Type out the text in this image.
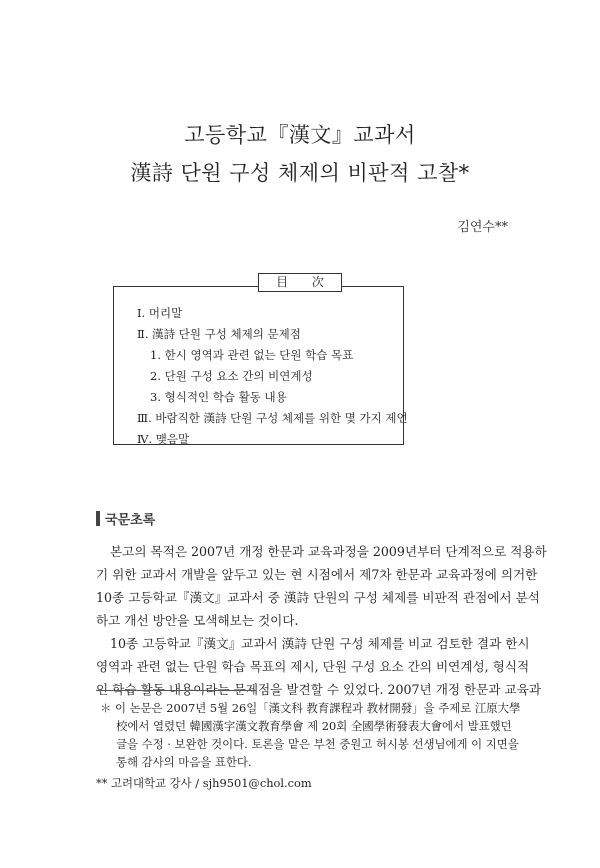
고등학교『漢文』교과서
漢詩 단원 구성 체제의 비판적 고찰*
김연수**
目 次
Ⅰ. 머리말
Ⅱ. 漢詩 단원 구성 체제의 문제점
1. 한시 영역과 관련 없는 단원 학습 목표
2. 단원 구성 요소 간의 비연계성
3. 형식적인 학습 활동 내용
Ⅲ. 바람직한 漢詩 단원 구성 체제를 위한 몇 가지 제언
Ⅳ. 맺음말
국문초록
본고의 목적은 2007년 개정 한문과 교육과정을 2009년부터 단계적으로 적용하
기 위한 교과서 개발을 앞두고 있는 현 시점에서 제7차 한문과 교육과정에 의거한
10종 고등학교『漢文』교과서 중 漢詩 단원의 구성 체제를 비판적 관점에서 분석
하고 개선 방안을 모색해보는 것이다.
10종 고등학교『漢文』교과서 漢詩 단원 구성 체제를 비교 검토한 결과 한시
영역과 관련 없는 단원 학습 목표의 제시, 단원 구성 요소 간의 비연계성, 형식적
인 학습 활동 내용이라는 문제점을 발견할 수 있었다. 2007년 개정 한문과 교육과
＊ 이 논문은 2007년 5월 26일「漢文科 教育課程과 教材開發」을 주제로 江原大學
校에서 열렸던 韓國漢字漢文教育學會 제 20회 全國學術發表大會에서 발표했던
글을 수정 · 보완한 것이다. 토론을 맡은 부천 중원고 허시봉 선생님에게 이 지면을
통해 감사의 마음을 표한다.
** 고려대학교 강사 / sjh9501@chol.com
